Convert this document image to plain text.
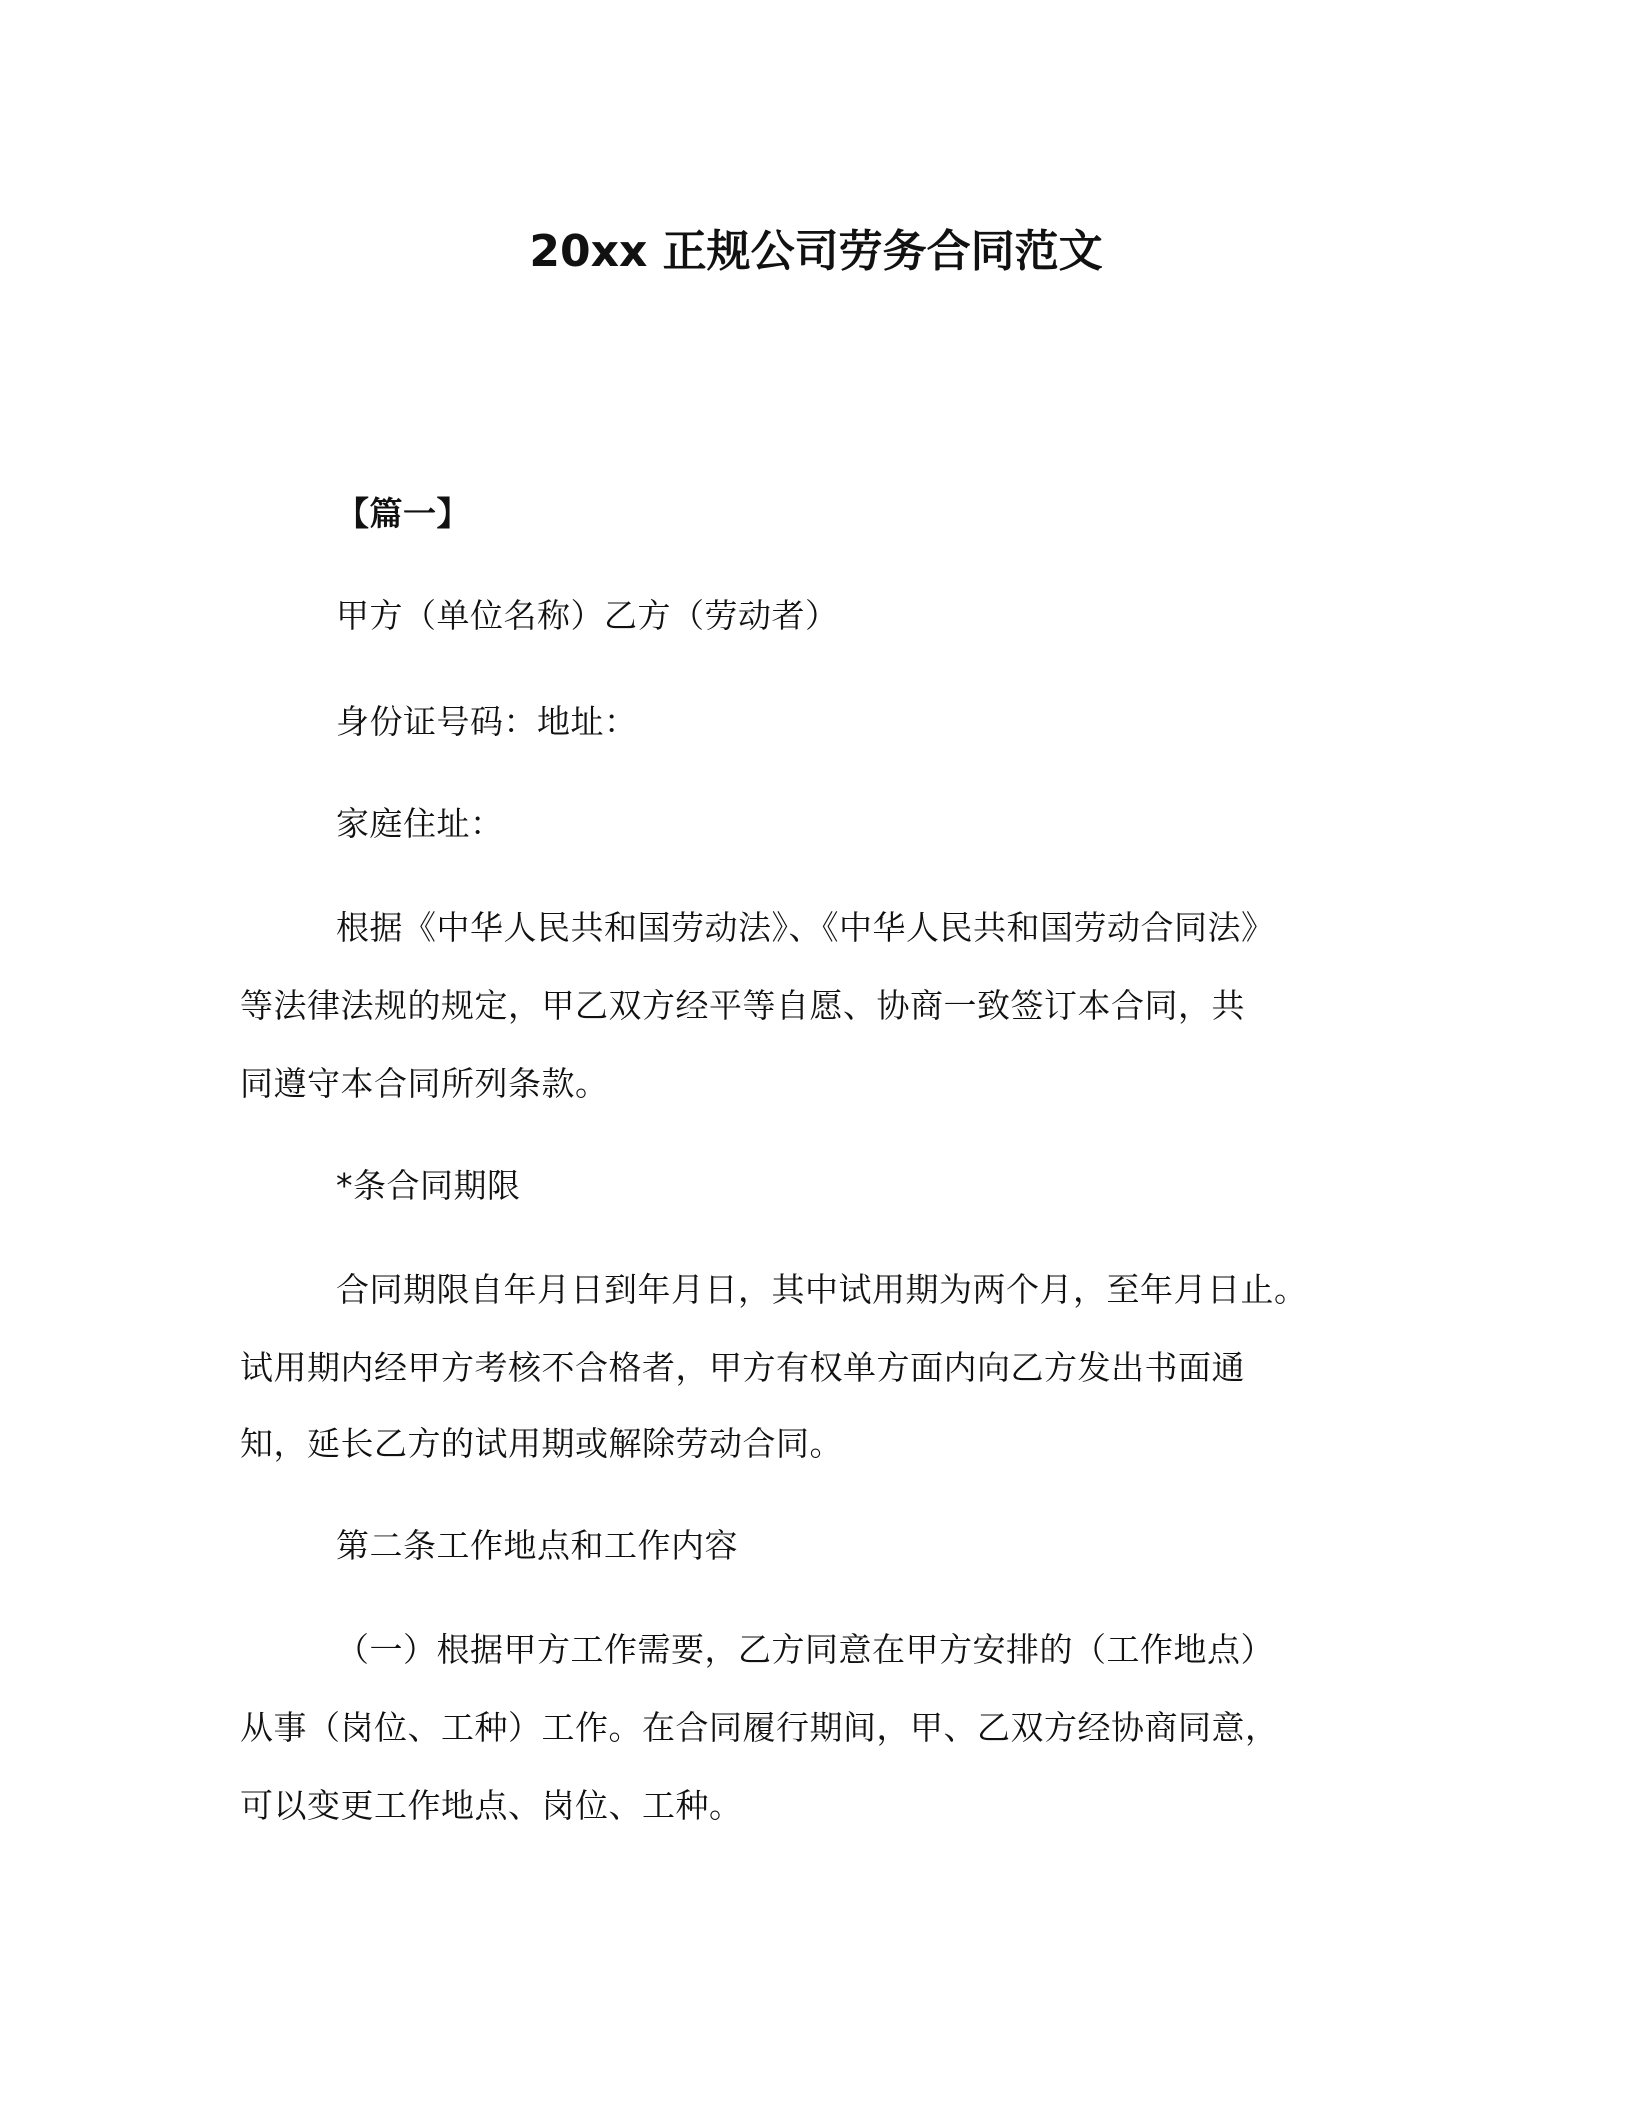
20xx 正规公司劳务合同范文
【篇一】
甲方（单位名称）乙方（劳动者）
身份证号码：地址：
家庭住址：
根据《中华人民共和国劳动法》、《中华人民共和国劳动合同法》
等法律法规的规定，甲乙双方经平等自愿、协商一致签订本合同，共
同遵守本合同所列条款。
*条合同期限
合同期限自年月日到年月日，其中试用期为两个月，至年月日止。
试用期内经甲方考核不合格者，甲方有权单方面内向乙方发出书面通
知，延长乙方的试用期或解除劳动合同。
第二条工作地点和工作内容
（一）根据甲方工作需要，乙方同意在甲方安排的（工作地点）
从事（岗位、工种）工作。在合同履行期间，甲、乙双方经协商同意，
可以变更工作地点、岗位、工种。
